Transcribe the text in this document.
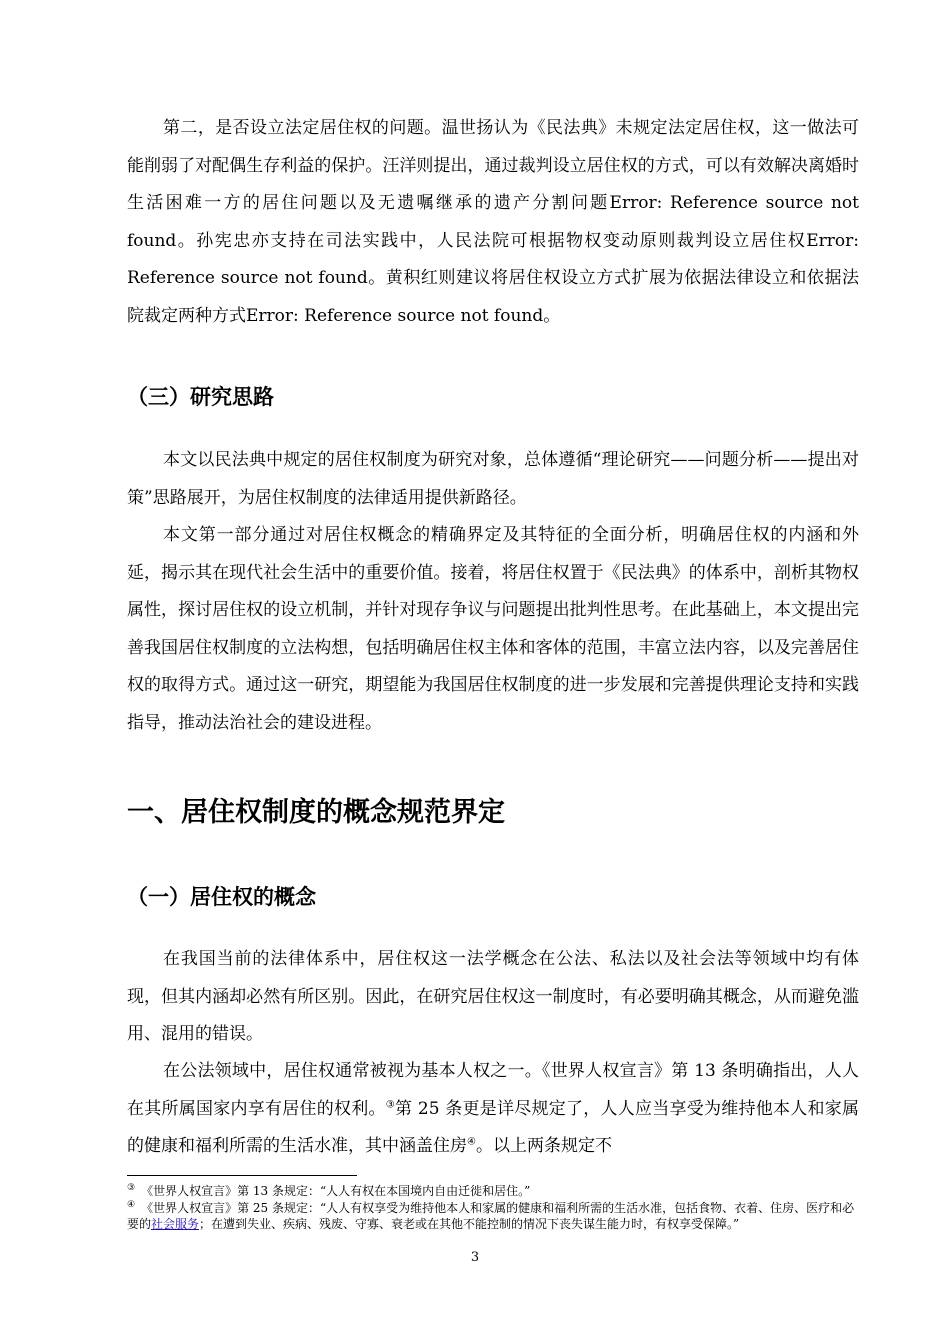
第二，是否设立法定居住权的问题。温世扬认为《民法典》未规定法定居住权，这一做法可能削弱了对配偶生存利益的保护。汪洋则提出，通过裁判设立居住权的方式，可以有效解决离婚时生活困难一方的居住问题以及无遗嘱继承的遗产分割问题Error: Reference source not found。孙宪忠亦支持在司法实践中，人民法院可根据物权变动原则裁判设立居住权Error: Reference source not found。黄积红则建议将居住权设立方式扩展为依据法律设立和依据法院裁定两种方式Error: Reference source not found。

（三）研究思路

本文以民法典中规定的居住权制度为研究对象，总体遵循“理论研究——问题分析——提出对策”思路展开，为居住权制度的法律适用提供新路径。

本文第一部分通过对居住权概念的精确界定及其特征的全面分析，明确居住权的内涵和外延，揭示其在现代社会生活中的重要价值。接着，将居住权置于《民法典》的体系中，剖析其物权属性，探讨居住权的设立机制，并针对现存争议与问题提出批判性思考。在此基础上，本文提出完善我国居住权制度的立法构想，包括明确居住权主体和客体的范围，丰富立法内容，以及完善居住权的取得方式。通过这一研究，期望能为我国居住权制度的进一步发展和完善提供理论支持和实践指导，推动法治社会的建设进程。

一、居住权制度的概念规范界定
（一）居住权的概念

在我国当前的法律体系中，居住权这一法学概念在公法、私法以及社会法等领域中均有体现，但其内涵却必然有所区别。因此，在研究居住权这一制度时，有必要明确其概念，从而避免滥用、混用的错误。

在公法领域中，居住权通常被视为基本人权之一。《世界人权宣言》第 13 条明确指出，人人在其所属国家内享有居住的权利。③第 25 条更是详尽规定了，人人应当享受为维持他本人和家属的健康和福利所需的生活水准，其中涵盖住房④。以上两条规定不

③ 《世界人权宣言》第 13 条规定：“人人有权在本国境内自由迁徙和居住。”

④ 《世界人权宣言》第 25 条规定：“人人有权享受为维持他本人和家属的健康和福利所需的生活水准，包括食物、衣着、住房、医疗和必要的社会服务；在遭到失业、疾病、残废、守寡、衰老或在其他不能控制的情况下丧失谋生能力时，有权享受保障。”

3
